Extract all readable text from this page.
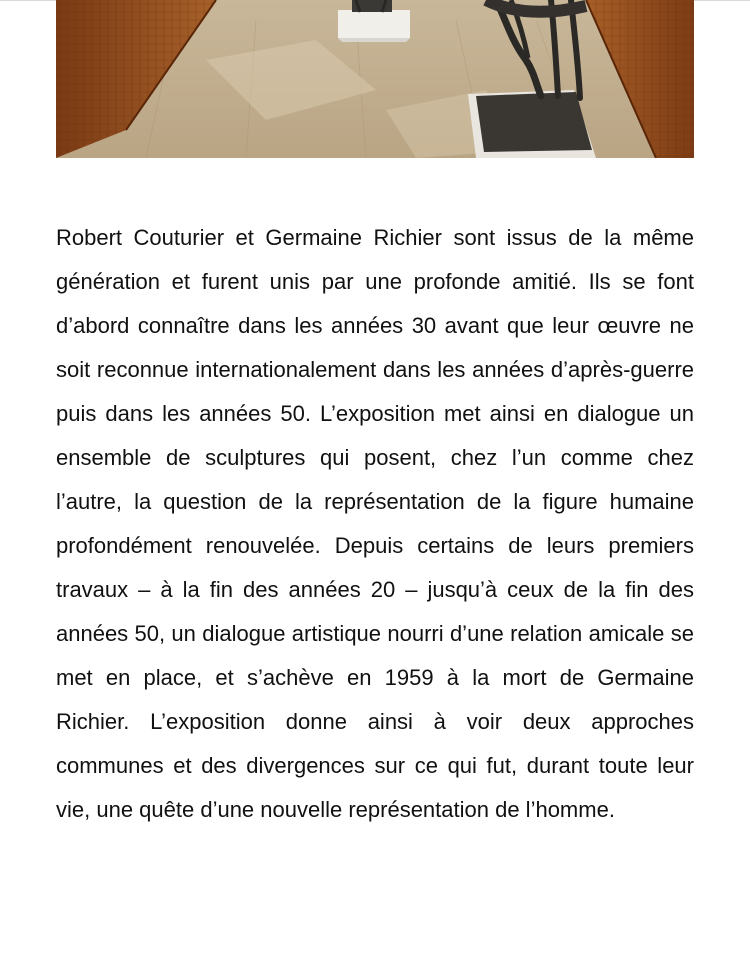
Robert Couturier et Germaine Richier sont issus de la même génération et furent unis par une profonde amitié. Ils se font d’abord connaître dans les années 30 avant que leur œuvre ne soit reconnue internationalement dans les années d’après-guerre puis dans les années 50. L’exposition met ainsi en dialogue un ensemble de sculptures qui posent, chez l’un comme chez l’autre, la question de la représentation de la figure humaine profondément renouvelée. Depuis certains de leurs premiers travaux – à la fin des années 20 – jusqu’à ceux de la fin des années 50, un dialogue artistique nourri d’une relation amicale se met en place, et s’achève en 1959 à la mort de Germaine Richier. L’exposition donne ainsi à voir deux approches communes et des divergences sur ce qui fut, durant toute leur vie, une quête d’une nouvelle représentation de l’homme.
